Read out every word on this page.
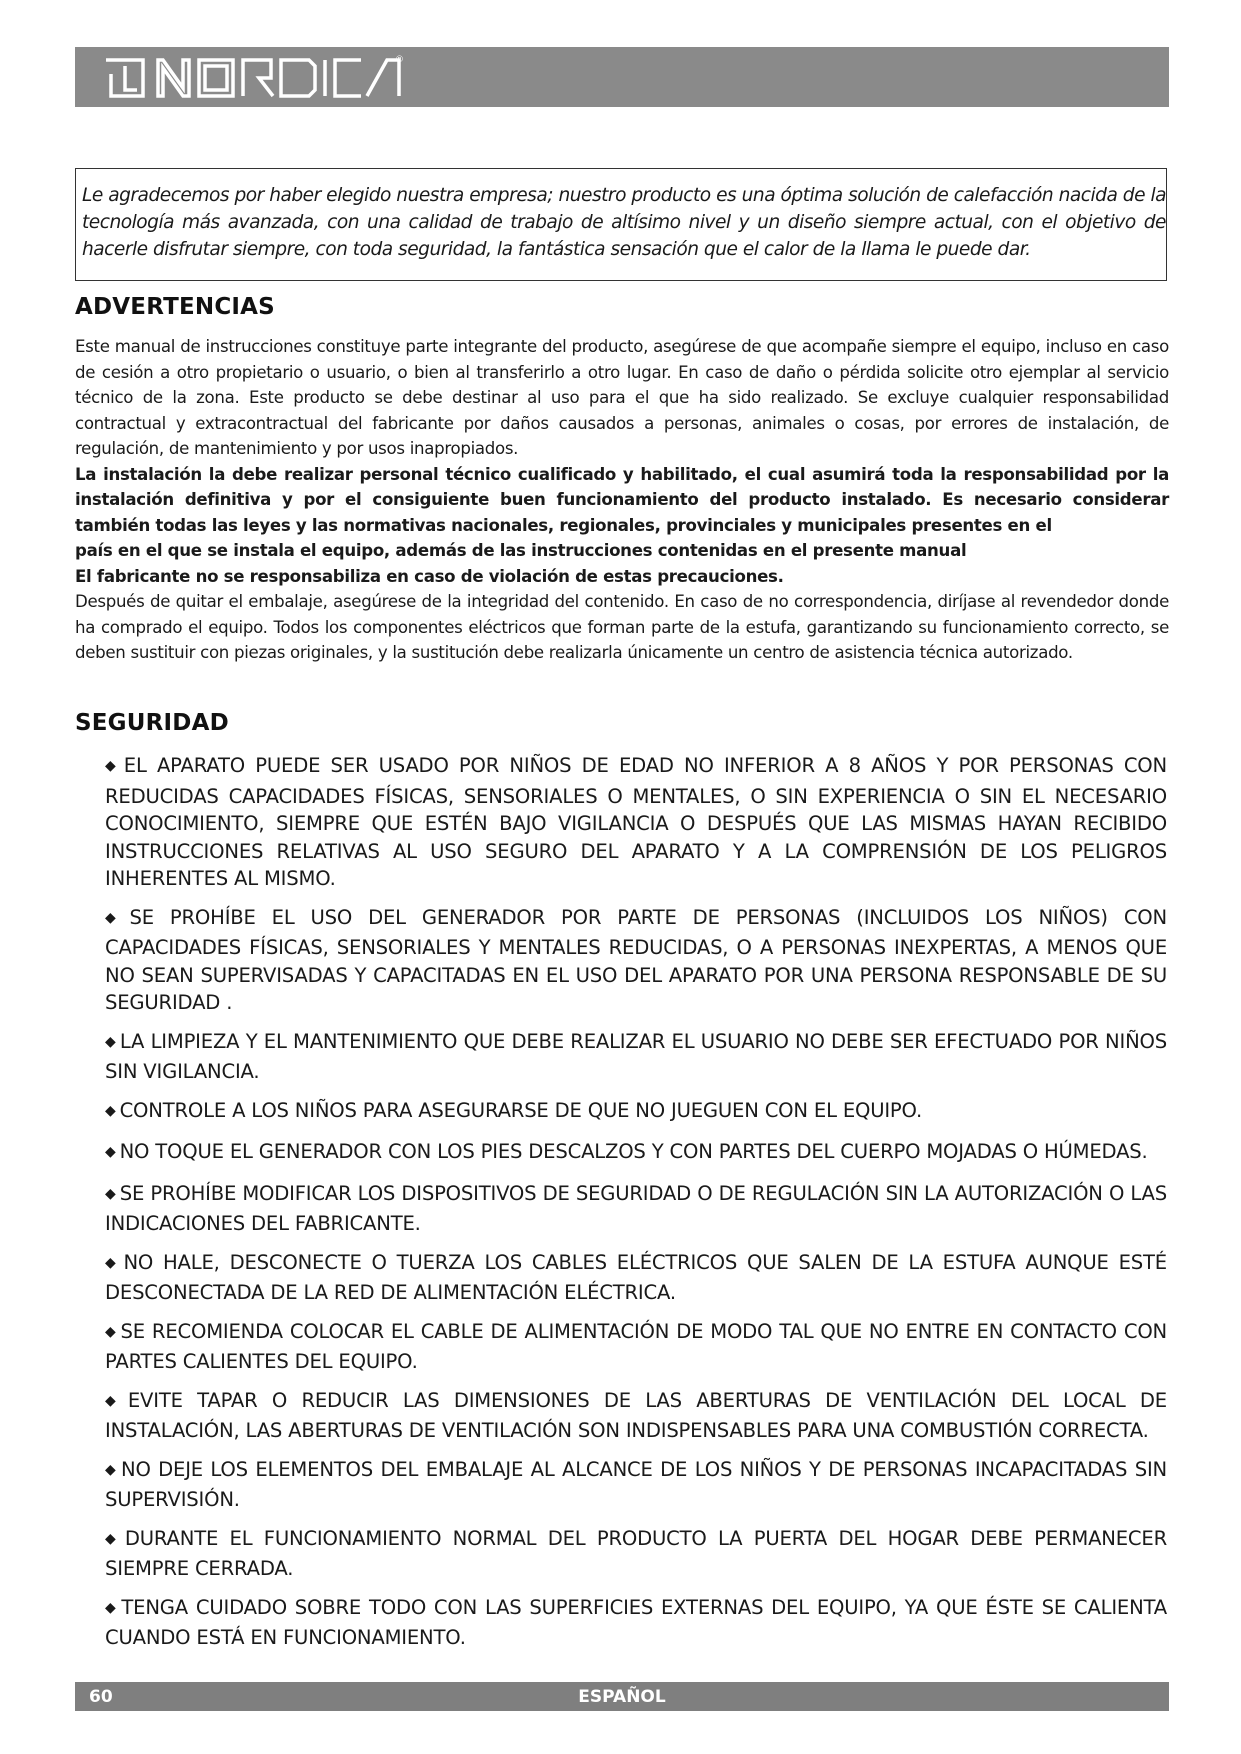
®
Le agradecemos por haber elegido nuestra empresa; nuestro producto es una óptima solución de calefacción nacida de la tecnología más avanzada, con una calidad de trabajo de altísimo nivel y un diseño siempre actual, con el objetivo de hacerle disfrutar siempre, con toda seguridad, la fantástica sensación que el calor de la llama le puede dar.
ADVERTENCIAS

Este manual de instrucciones constituye parte integrante del producto, asegúrese de que acompañe siempre el equipo, incluso en caso de cesión a otro propietario o usuario, o bien al transferirlo a otro lugar. En caso de daño o pérdida solicite otro ejemplar al servicio técnico de la zona. Este producto se debe destinar al uso para el que ha sido realizado. Se excluye cualquier responsabilidad contractual y extracontractual del fabricante por daños causados a personas, animales o cosas, por errores de instalación, de regulación, de mantenimiento y por usos inapropiados.

La instalación la debe realizar personal técnico cualificado y habilitado, el cual asumirá toda la responsabilidad por la instalación definitiva y por el consiguiente buen funcionamiento del producto instalado. Es necesario considerar también todas las leyes y las normativas nacionales, regionales, provinciales y municipales presentes en el

país en el que se instala el equipo, además de las instrucciones contenidas en el presente manual

El fabricante no se responsabiliza en caso de violación de estas precauciones.

Después de quitar el embalaje, asegúrese de la integridad del contenido. En caso de no correspondencia, diríjase al revendedor donde ha comprado el equipo. Todos los componentes eléctricos que forman parte de la estufa, garantizando su funcionamiento correcto, se deben sustituir con piezas originales, y la sustitución debe realizarla únicamente un centro de asistencia técnica autorizado.

SEGURIDAD
◆ EL APARATO PUEDE SER USADO POR NIÑOS DE EDAD NO INFERIOR A 8 AÑOS Y POR PERSONAS CON REDUCIDAS CAPACIDADES FÍSICAS, SENSORIALES O MENTALES, O SIN EXPERIENCIA O SIN EL NECESARIO CONOCIMIENTO, SIEMPRE QUE ESTÉN BAJO VIGILANCIA O DESPUÉS QUE LAS MISMAS HAYAN RECIBIDO INSTRUCCIONES RELATIVAS AL USO SEGURO DEL APARATO Y A LA COMPRENSIÓN DE LOS PELIGROS INHERENTES AL MISMO.
◆ SE PROHÍBE EL USO DEL GENERADOR POR PARTE DE PERSONAS (INCLUIDOS LOS NIÑOS) CON CAPACIDADES FÍSICAS, SENSORIALES Y MENTALES REDUCIDAS, O A PERSONAS INEXPERTAS, A MENOS QUE NO SEAN SUPERVISADAS Y CAPACITADAS EN EL USO DEL APARATO POR UNA PERSONA RESPONSABLE DE SU SEGURIDAD .
◆ LA LIMPIEZA Y EL MANTENIMIENTO QUE DEBE REALIZAR EL USUARIO NO DEBE SER EFECTUADO POR NIÑOS SIN VIGILANCIA.
◆ CONTROLE A LOS NIÑOS PARA ASEGURARSE DE QUE NO JUEGUEN CON EL EQUIPO.
◆ NO TOQUE EL GENERADOR CON LOS PIES DESCALZOS Y CON PARTES DEL CUERPO MOJADAS O HÚMEDAS.
◆ SE PROHÍBE MODIFICAR LOS DISPOSITIVOS DE SEGURIDAD O DE REGULACIÓN SIN LA AUTORIZACIÓN O LAS INDICACIONES DEL FABRICANTE.
◆ NO HALE, DESCONECTE O TUERZA LOS CABLES ELÉCTRICOS QUE SALEN DE LA ESTUFA AUNQUE ESTÉ DESCONECTADA DE LA RED DE ALIMENTACIÓN ELÉCTRICA.
◆ SE RECOMIENDA COLOCAR EL CABLE DE ALIMENTACIÓN DE MODO TAL QUE NO ENTRE EN CONTACTO CON PARTES CALIENTES DEL EQUIPO.
◆ EVITE TAPAR O REDUCIR LAS DIMENSIONES DE LAS ABERTURAS DE VENTILACIÓN DEL LOCAL DE INSTALACIÓN, LAS ABERTURAS DE VENTILACIÓN SON INDISPENSABLES PARA UNA COMBUSTIÓN CORRECTA.
◆ NO DEJE LOS ELEMENTOS DEL EMBALAJE AL ALCANCE DE LOS NIÑOS Y DE PERSONAS INCAPACITADAS SIN SUPERVISIÓN.
◆ DURANTE EL FUNCIONAMIENTO NORMAL DEL PRODUCTO LA PUERTA DEL HOGAR DEBE PERMANECER SIEMPRE CERRADA.
◆ TENGA CUIDADO SOBRE TODO CON LAS SUPERFICIES EXTERNAS DEL EQUIPO, YA QUE ÉSTE SE CALIENTA CUANDO ESTÁ EN FUNCIONAMIENTO.
60	ESPAÑOL
